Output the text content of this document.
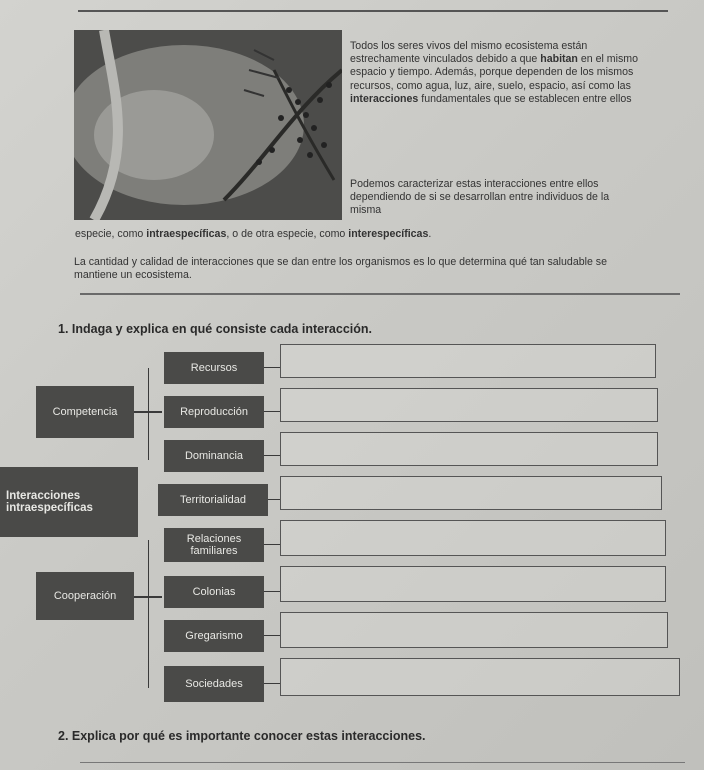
Todos los seres vivos del mismo ecosistema están estrechamente vinculados debido a que habitan en el mismo espacio y tiempo. Además, porque dependen de los mismos recursos, como agua, luz, aire, suelo, espacio, así como las interacciones fundamentales que se establecen entre ellos
Podemos caracterizar estas interacciones entre ellos dependiendo de si se desarrollan entre individuos de la misma
especie, como intraespecíficas, o de otra especie, como interespecíficas.
La cantidad y calidad de interacciones que se dan entre los organismos es lo que determina qué tan saludable se mantiene un ecosistema.
1. Indaga y explica en qué consiste cada interacción.
Interacciones intraespecíficas
Competencia
Cooperación
Recursos
Reproducción
Dominancia
Territorialidad
Relaciones familiares
Colonias
Gregarismo
Sociedades
2. Explica por qué es importante conocer estas interacciones.
